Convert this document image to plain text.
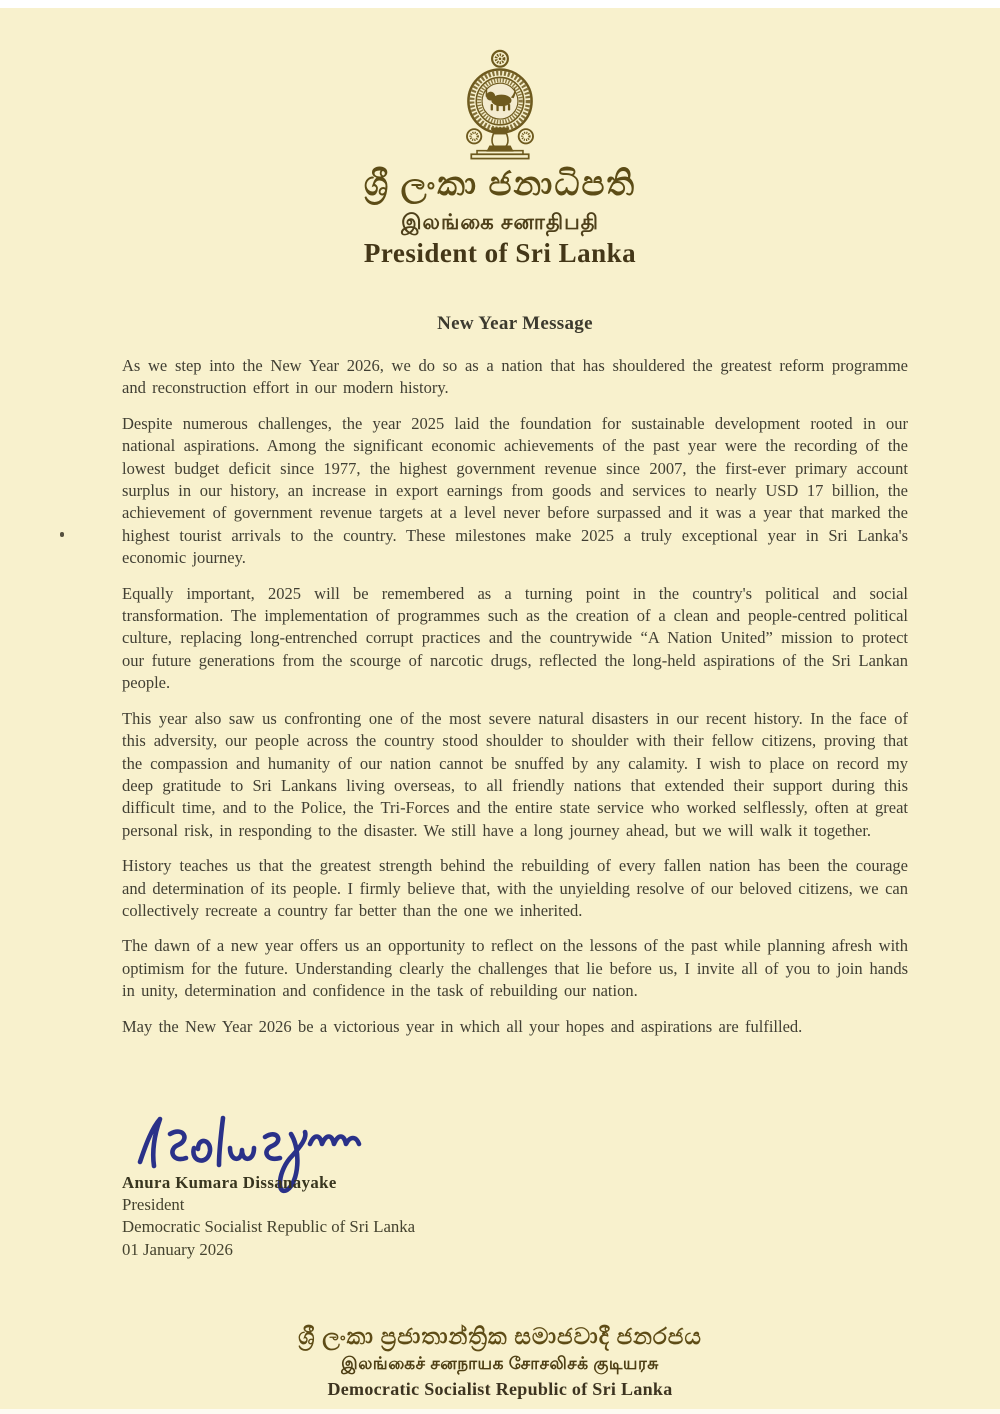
ශ්‍රී ලංකා ජනාධිපති
இலங்கை சனாதிபதி
President of Sri Lanka
New Year Message

As we step into the New Year 2026, we do so as a nation that has shouldered the greatest reform programme and reconstruction effort in our modern history.

Despite numerous challenges, the year 2025 laid the foundation for sustainable development rooted in our national aspirations. Among the significant economic achievements of the past year were the recording of the lowest budget deficit since 1977, the highest government revenue since 2007, the first-ever primary account surplus in our history, an increase in export earnings from goods and services to nearly USD 17 billion, the achievement of government revenue targets at a level never before surpassed and it was a year that marked the highest tourist arrivals to the country. These milestones make 2025 a truly exceptional year in Sri Lanka's economic journey.

Equally important, 2025 will be remembered as a turning point in the country's political and social transformation. The implementation of programmes such as the creation of a clean and people-centred political culture, replacing long-entrenched corrupt practices and the countrywide “A Nation United” mission to protect our future generations from the scourge of narcotic drugs, reflected the long-held aspirations of the Sri Lankan people.

This year also saw us confronting one of the most severe natural disasters in our recent history. In the face of this adversity, our people across the country stood shoulder to shoulder with their fellow citizens, proving that the compassion and humanity of our nation cannot be snuffed by any calamity. I wish to place on record my deep gratitude to Sri Lankans living overseas, to all friendly nations that extended their support during this difficult time, and to the Police, the Tri-Forces and the entire state service who worked selflessly, often at great personal risk, in responding to the disaster. We still have a long journey ahead, but we will walk it together.

History teaches us that the greatest strength behind the rebuilding of every fallen nation has been the courage and determination of its people. I firmly believe that, with the unyielding resolve of our beloved citizens, we can collectively recreate a country far better than the one we inherited.

The dawn of a new year offers us an opportunity to reflect on the lessons of the past while planning afresh with optimism for the future. Understanding clearly the challenges that lie before us, I invite all of you to join hands in unity, determination and confidence in the task of rebuilding our nation.

May the New Year 2026 be a victorious year in which all your hopes and aspirations are fulfilled.

Anura Kumara Dissanayake
President
Democratic Socialist Republic of Sri Lanka
01 January 2026
ශ්‍රී ලංකා ප්‍රජාතාන්ත්‍රික සමාජවාදී ජනරජය
இலங்கைச் சனநாயக சோசலிசக் குடியரசு
Democratic Socialist Republic of Sri Lanka
